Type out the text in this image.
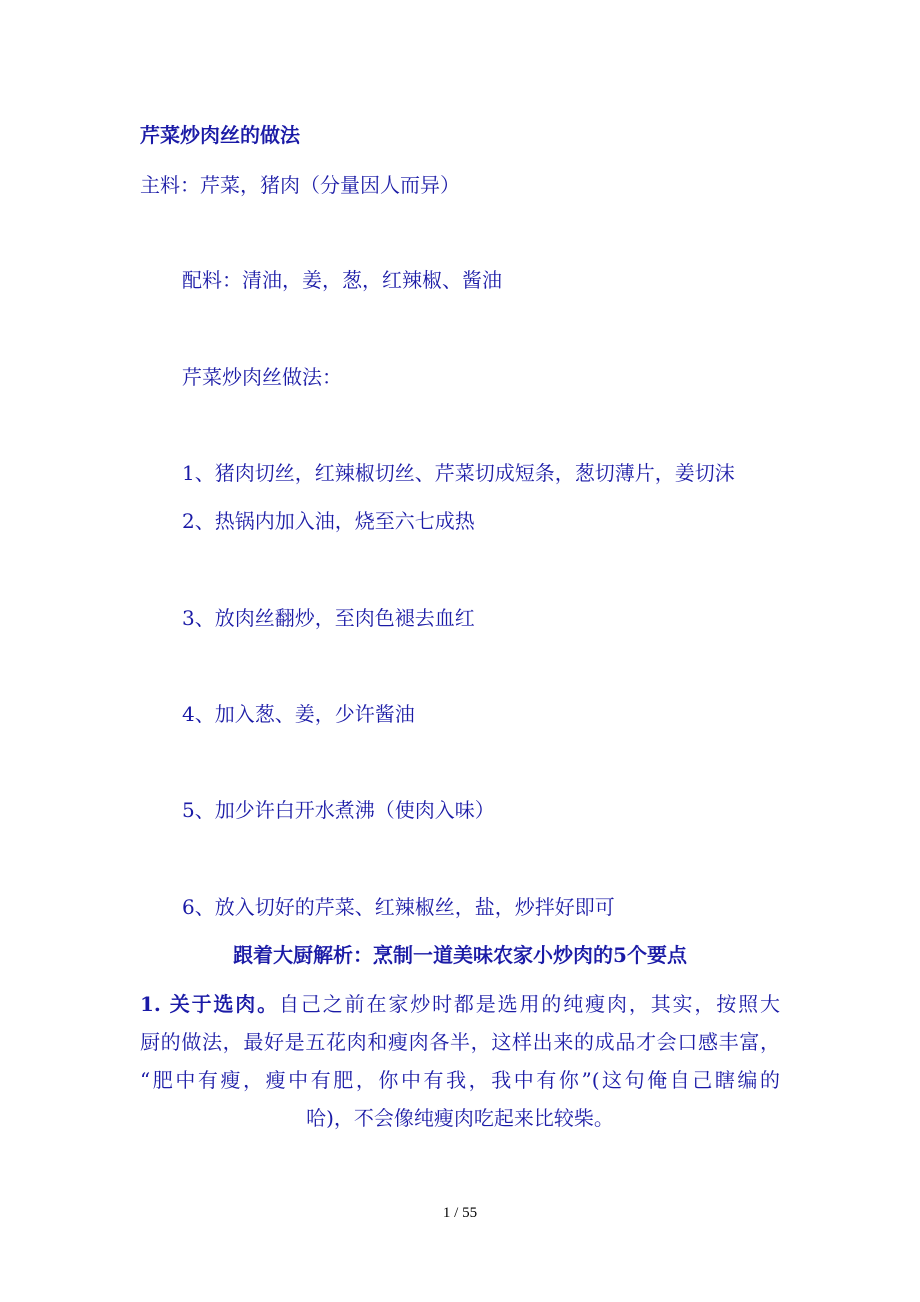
芹菜炒肉丝的做法
主料：芹菜，猪肉（分量因人而异）
配料：清油，姜，葱，红辣椒、酱油
芹菜炒肉丝做法：
1、猪肉切丝，红辣椒切丝、芹菜切成短条，葱切薄片，姜切沫
2、热锅内加入油，烧至六七成热
3、放肉丝翻炒，至肉色褪去血红
4、加入葱、姜，少许酱油
5、加少许白开水煮沸（使肉入味）
6、放入切好的芹菜、红辣椒丝，盐，炒拌好即可
跟着大厨解析：烹制一道美味农家小炒肉的5个要点
1. 关于选肉。自己之前在家炒时都是选用的纯瘦肉，其实，按照大
厨的做法，最好是五花肉和瘦肉各半，这样出来的成品才会口感丰富，
“肥中有瘦，瘦中有肥，你中有我，我中有你”(这句俺自己瞎编的
哈)，不会像纯瘦肉吃起来比较柴。
1 / 55
